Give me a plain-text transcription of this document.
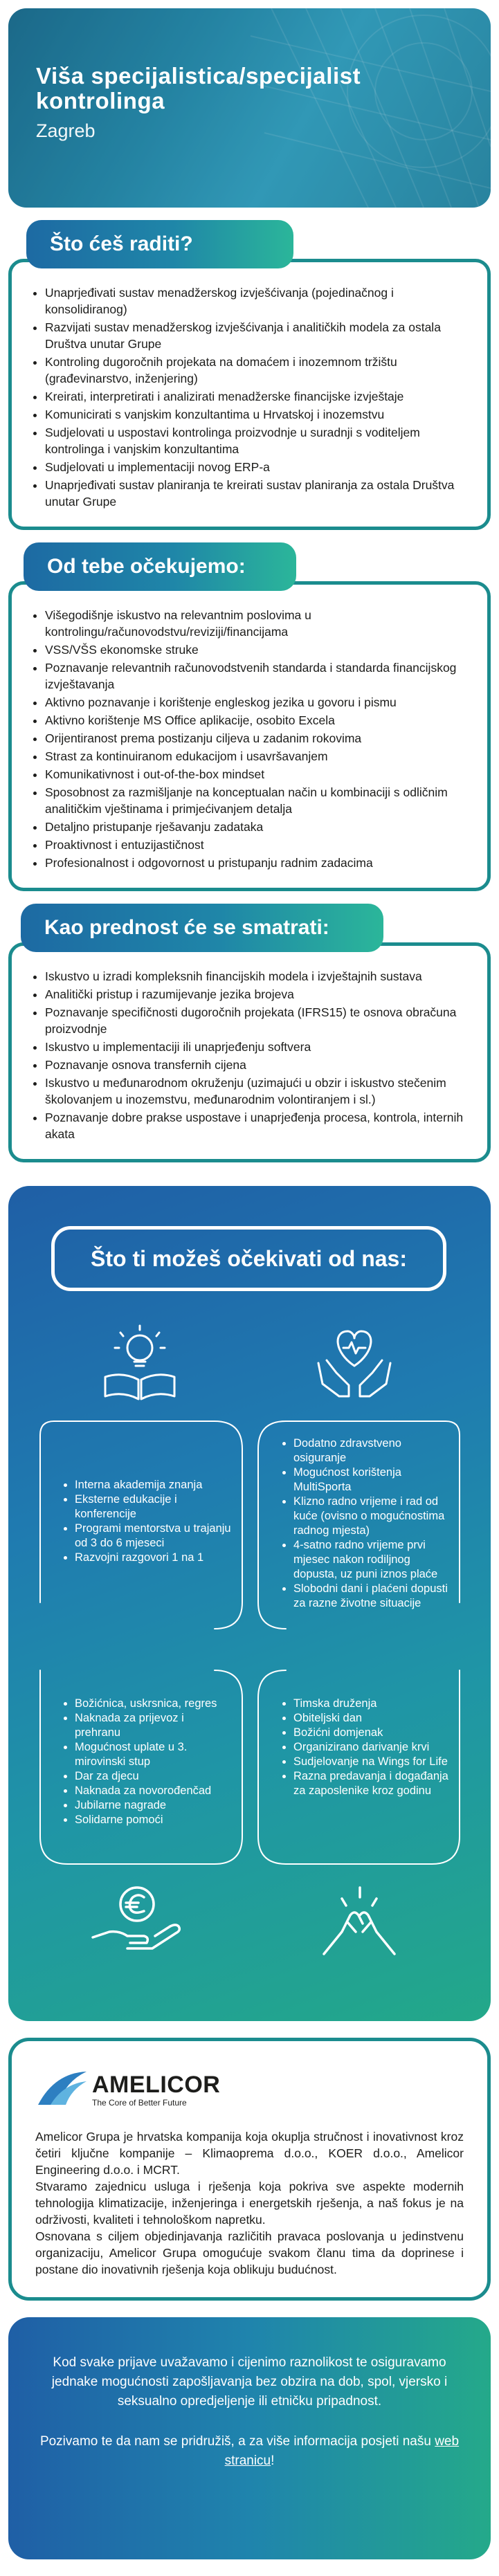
Viša specijalistica/specijalist
kontrolinga
Zagreb
Što ćeš raditi?
• Unaprjeđivati sustav menadžerskog izvješćivanja (pojedinačnog i konsolidiranog)
• Razvijati sustav menadžerskog izvješćivanja i analitičkih modela za ostala Društva unutar Grupe
• Kontroling dugoročnih projekata na domaćem i inozemnom tržištu (građevinarstvo, inženjering)
• Kreirati, interpretirati i analizirati menadžerske financijske izvještaje
• Komunicirati s vanjskim konzultantima u Hrvatskoj i inozemstvu
• Sudjelovati u uspostavi kontrolinga proizvodnje u suradnji s voditeljem kontrolinga i vanjskim konzultantima
• Sudjelovati u implementaciji novog ERP-a
• Unaprjeđivati sustav planiranja te kreirati sustav planiranja za ostala Društva unutar Grupe
Od tebe očekujemo:
• Višegodišnje iskustvo na relevantnim poslovima u kontrolingu/računovodstvu/reviziji/financijama
• VSS/VŠS ekonomske struke
• Poznavanje relevantnih računovodstvenih standarda i standarda financijskog izvještavanja
• Aktivno poznavanje i korištenje engleskog jezika u govoru i pismu
• Aktivno korištenje MS Office aplikacije, osobito Excela
• Orijentiranost prema postizanju ciljeva u zadanim rokovima
• Strast za kontinuiranom edukacijom i usavršavanjem
• Komunikativnost i out-of-the-box mindset
• Sposobnost za razmišljanje na konceptualan način u kombinaciji s odličnim analitičkim vještinama i primjećivanjem detalja
• Detaljno pristupanje rješavanju zadataka
• Proaktivnost i entuzijastičnost
• Profesionalnost i odgovornost u pristupanju radnim zadacima
Kao prednost će se smatrati:
• Iskustvo u izradi kompleksnih financijskih modela i izvještajnih sustava
• Analitički pristup i razumijevanje jezika brojeva
• Poznavanje specifičnosti dugoročnih projekata (IFRS15) te osnova obračuna proizvodnje
• Iskustvo u implementaciji ili unaprjeđenju softvera
• Poznavanje osnova transfernih cijena
• Iskustvo u međunarodnom okruženju (uzimajući u obzir i iskustvo stečenim školovanjem u inozemstvu, međunarodnim volontiranjem i sl.)
• Poznavanje dobre prakse uspostave i unaprjeđenja procesa, kontrola, internih akata
Što ti možeš očekivati od nas:
• Interna akademija znanja
• Eksterne edukacije i konferencije
• Programi mentorstva u trajanju od 3 do 6 mjeseci
• Razvojni razgovori 1 na 1
• Dodatno zdravstveno osiguranje
• Mogućnost korištenja MultiSporta
• Klizno radno vrijeme i rad od kuće (ovisno o mogućnostima radnog mjesta)
• 4-satno radno vrijeme prvi mjesec nakon rodiljnog dopusta, uz puni iznos plaće
• Slobodni dani i plaćeni dopusti za razne životne situacije
• Božićnica, uskrsnica, regres
• Naknada za prijevoz i prehranu
• Mogućnost uplate u 3. mirovinski stup
• Dar za djecu
• Naknada za novorođenčad
• Jubilarne nagrade
• Solidarne pomoći
• Timska druženja
• Obiteljski dan
• Božićni domjenak
• Organizirano darivanje krvi
• Sudjelovanje na Wings for Life
• Razna predavanja i događanja za zaposlenike kroz godinu
AMELICOR
The Core of Better Future

Amelicor Grupa je hrvatska kompanija koja okuplja stručnost i inovativnost kroz četiri ključne kompanije – Klimaoprema d.o.o., KOER d.o.o., Amelicor Engineering d.o.o. i MCRT.

Stvaramo zajednicu usluga i rješenja koja pokriva sve aspekte modernih tehnologija klimatizacije, inženjeringa i energetskih rješenja, a naš fokus je na održivosti, kvaliteti i tehnološkom napretku.

Osnovana s ciljem objedinjavanja različitih pravaca poslovanja u jedinstvenu organizaciju, Amelicor Grupa omogućuje svakom članu tima da doprinese i postane dio inovativnih rješenja koja oblikuju budućnost.

Kod svake prijave uvažavamo i cijenimo raznolikost te osiguravamo jednake mogućnosti zapošljavanja bez obzira na dob, spol, vjersko i seksualno opredjeljenje ili etničku pripadnost.

Pozivamo te da nam se pridružiš, a za više informacija posjeti našu web stranicu!
